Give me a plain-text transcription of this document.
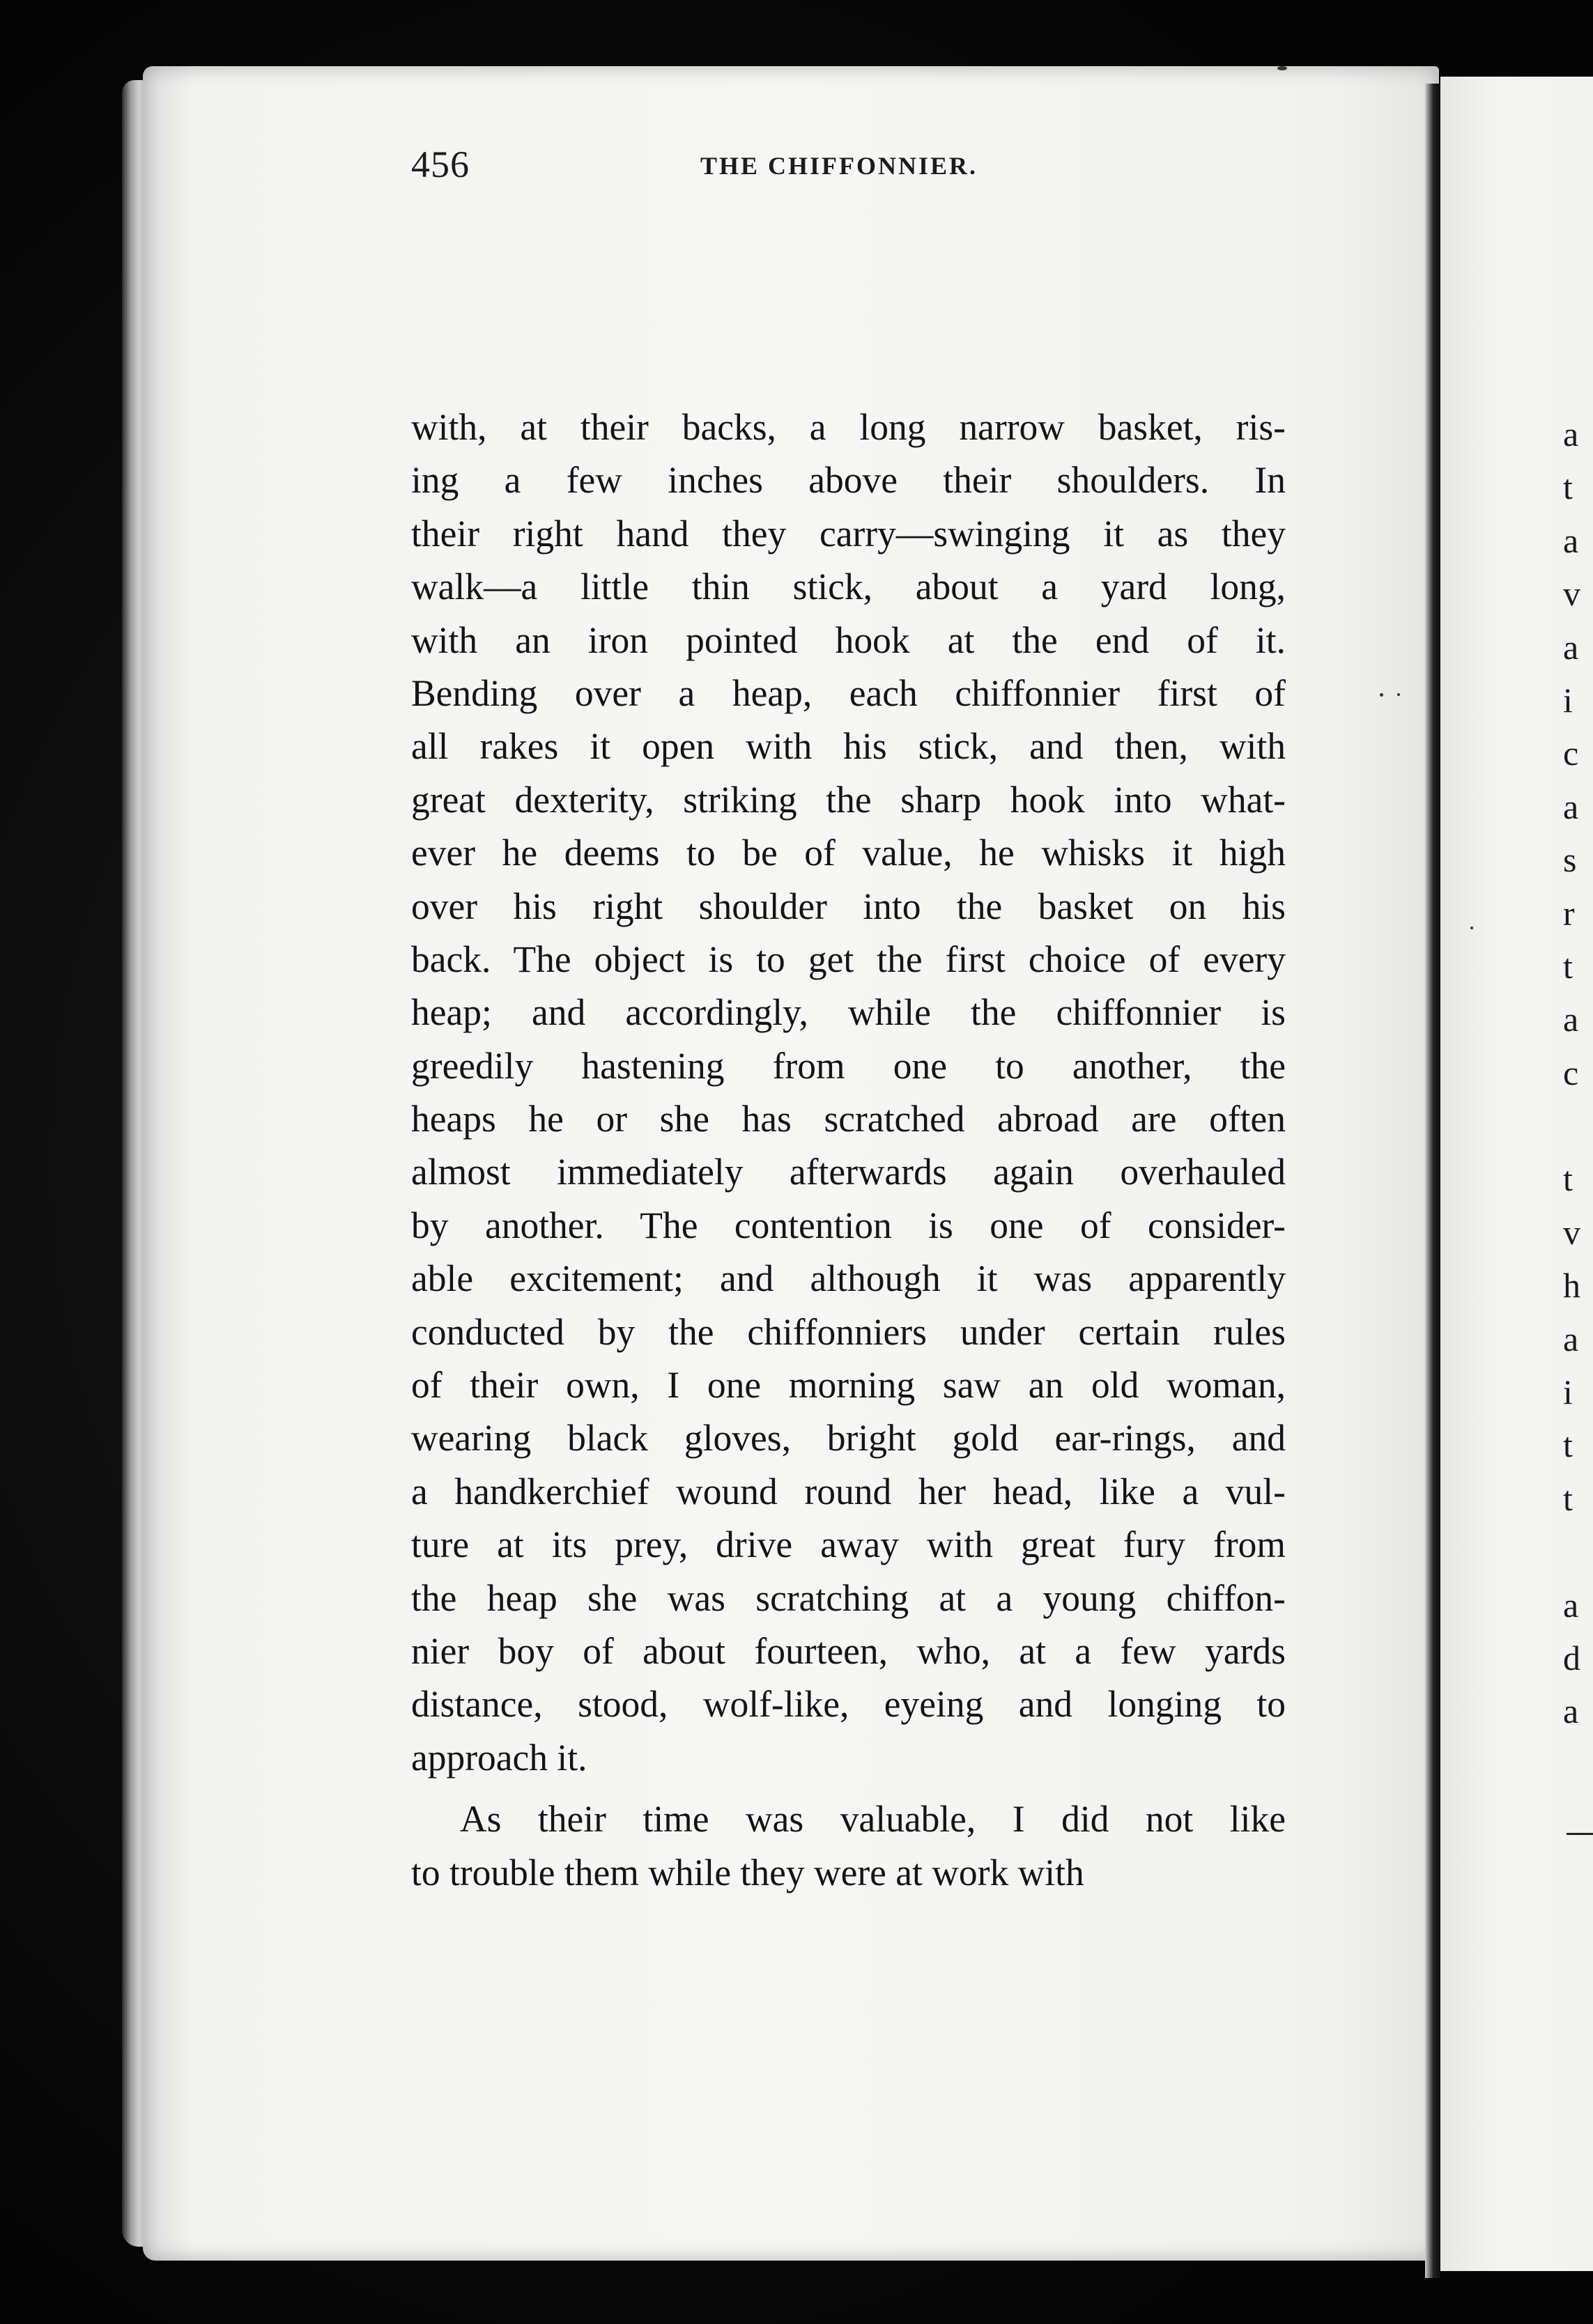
456	THE CHIFFONNIER.
with, at their backs, a long narrow basket, ris-
ing a few inches above their shoulders. In
their right hand they carry—swinging it as they
walk—a little thin stick, about a yard long,
with an iron pointed hook at the end of it.
Bending over a heap, each chiffonnier first of
all rakes it open with his stick, and then, with
great dexterity, striking the sharp hook into what-
ever he deems to be of value, he whisks it high
over his right shoulder into the basket on his
back. The object is to get the first choice of every
heap; and accordingly, while the chiffonnier is
greedily hastening from one to another, the
heaps he or she has scratched abroad are often
almost immediately afterwards again overhauled
by another. The contention is one of consider-
able excitement; and although it was apparently
conducted by the chiffonniers under certain rules
of their own, I one morning saw an old woman,
wearing black gloves, bright gold ear-rings, and
a handkerchief wound round her head, like a vul-
ture at its prey, drive away with great fury from
the heap she was scratching at a young chiffon-
nier boy of about fourteen, who, at a few yards
distance, stood, wolf-like, eyeing and longing to
approach it.
As their time was valuable, I did not like
to trouble them while they were at work with
a
t
a
v
a
i
c
a
s
r
t
a
c
t
v
h
a
i
t
t
a
d
a
